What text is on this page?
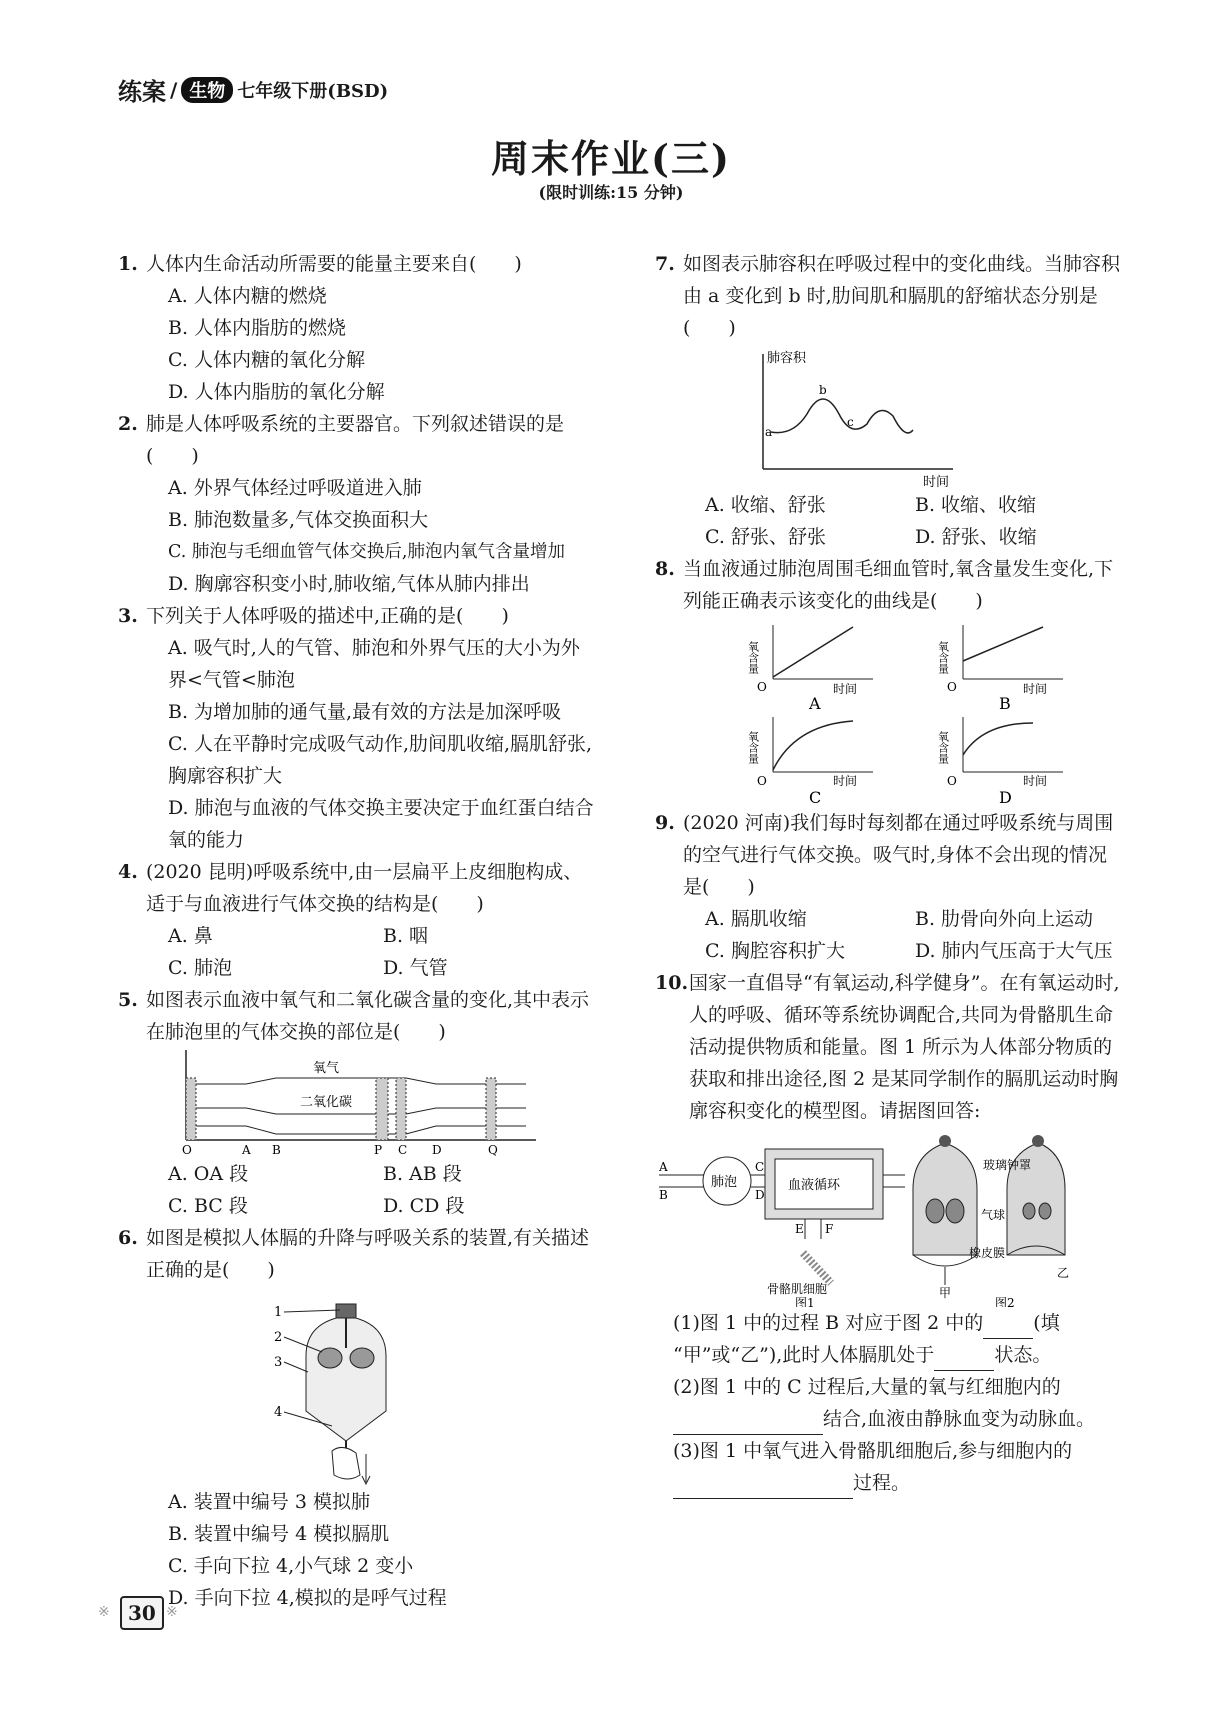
练案 / 生物 七年级下册(BSD)
周末作业(三)
(限时训练:15 分钟)
1. 人体内生命活动所需要的能量主要来自(　　)
A. 人体内糖的燃烧
B. 人体内脂肪的燃烧
C. 人体内糖的氧化分解
D. 人体内脂肪的氧化分解
2. 肺是人体呼吸系统的主要器官。下列叙述错误的是(　　)
A. 外界气体经过呼吸道进入肺
B. 肺泡数量多,气体交换面积大
C. 肺泡与毛细血管气体交换后,肺泡内氧气含量增加
D. 胸廓容积变小时,肺收缩,气体从肺内排出
3. 下列关于人体呼吸的描述中,正确的是(　　)
A. 吸气时,人的气管、肺泡和外界气压的大小为外界<气管<肺泡
B. 为增加肺的通气量,最有效的方法是加深呼吸
C. 人在平静时完成吸气动作,肋间肌收缩,膈肌舒张,胸廓容积扩大
D. 肺泡与血液的气体交换主要决定于血红蛋白结合氧的能力
4. (2020 昆明)呼吸系统中,由一层扁平上皮细胞构成、适于与血液进行气体交换的结构是(　　)
A. 鼻	B. 咽
C. 肺泡	D. 气管
5. 如图表示血液中氧气和二氧化碳含量的变化,其中表示在肺泡里的气体交换的部位是(　　)
氧气
二氧化碳
O	A B	P C D	Q
A. OA 段	B. AB 段
C. BC 段	D. CD 段
6. 如图是模拟人体膈的升降与呼吸关系的装置,有关描述正确的是(　　)
1
2
3
4
A. 装置中编号 3 模拟肺
B. 装置中编号 4 模拟膈肌
C. 手向下拉 4,小气球 2 变小
D. 手向下拉 4,模拟的是呼气过程
7. 如图表示肺容积在呼吸过程中的变化曲线。当肺容积由 a 变化到 b 时,肋间肌和膈肌的舒缩状态分别是(　　)
肺容积
时间
a
b
c
A. 收缩、舒张	B. 收缩、收缩
C. 舒张、舒张	D. 舒张、收缩
8. 当血液通过肺泡周围毛细血管时,氧含量发生变化,下列能正确表示该变化的曲线是(　　)
氧含量
O	时间
A
氧含量
O	时间
B
氧含量
O	时间
C
氧含量
O	时间
D
9. (2020 河南)我们每时每刻都在通过呼吸系统与周围的空气进行气体交换。吸气时,身体不会出现的情况是(　　)
A. 膈肌收缩	B. 肋骨向外向上运动
C. 胸腔容积扩大	D. 肺内气压高于大气压
10. 国家一直倡导“有氧运动,科学健身”。在有氧运动时,人的呼吸、循环等系统协调配合,共同为骨骼肌生命活动提供物质和能量。图 1 所示为人体部分物质的获取和排出途径,图 2 是某同学制作的膈肌运动时胸廓容积变化的模型图。请据图回答:
肺泡	血液循环
A
B
C
D
E F
骨骼肌细胞
图1
玻璃钟罩
气球
橡皮膜
甲
乙
图2
(1)图 1 中的过程 B 对应于图 2 中的	(填
“甲”或“乙”),此时人体膈肌处于	状态。
(2)图 1 中的 C 过程后,大量的氧与红细胞内的
结合,血液由静脉血变为动脉血。
(3)图 1 中氧气进入骨骼肌细胞后,参与细胞内的
过程。
※ 30 ※
